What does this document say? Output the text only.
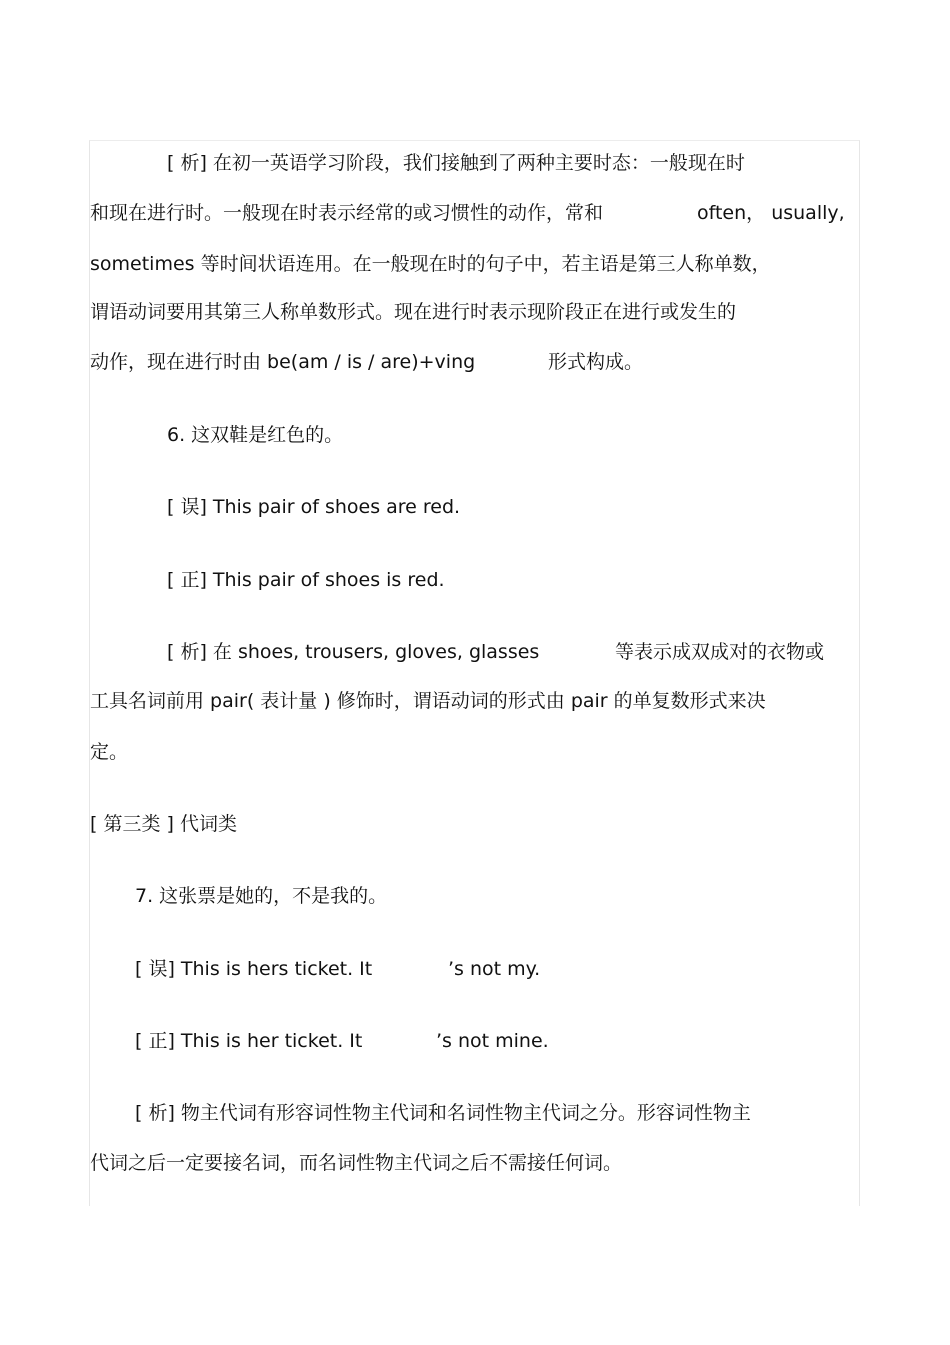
[ 析] 在初一英语学习阶段，我们接触到了两种主要时态：一般现在时

和现在进行时。一般现在时表示经常的或习惯性的动作，常和	often， usually,

sometimes 等时间状语连用。在一般现在时的句子中，若主语是第三人称单数，

谓语动词要用其第三人称单数形式。现在进行时表示现阶段正在进行或发生的

动作，现在进行时由 be(am / is / are)+ving	形式构成。

6. 这双鞋是红色的。

[ 误] This pair of shoes are red.

[ 正] This pair of shoes is red.

[ 析] 在 shoes, trousers, gloves, glasses	等表示成双成对的衣物或

工具名词前用 pair( 表计量 ) 修饰时，谓语动词的形式由 pair 的单复数形式来决

定。

[ 第三类 ] 代词类

7. 这张票是她的，不是我的。

[ 误] This is hers ticket. It	’s not my.

[ 正] This is her ticket. It	’s not mine.

[ 析] 物主代词有形容词性物主代词和名词性物主代词之分。形容词性物主

代词之后一定要接名词，而名词性物主代词之后不需接任何词。
